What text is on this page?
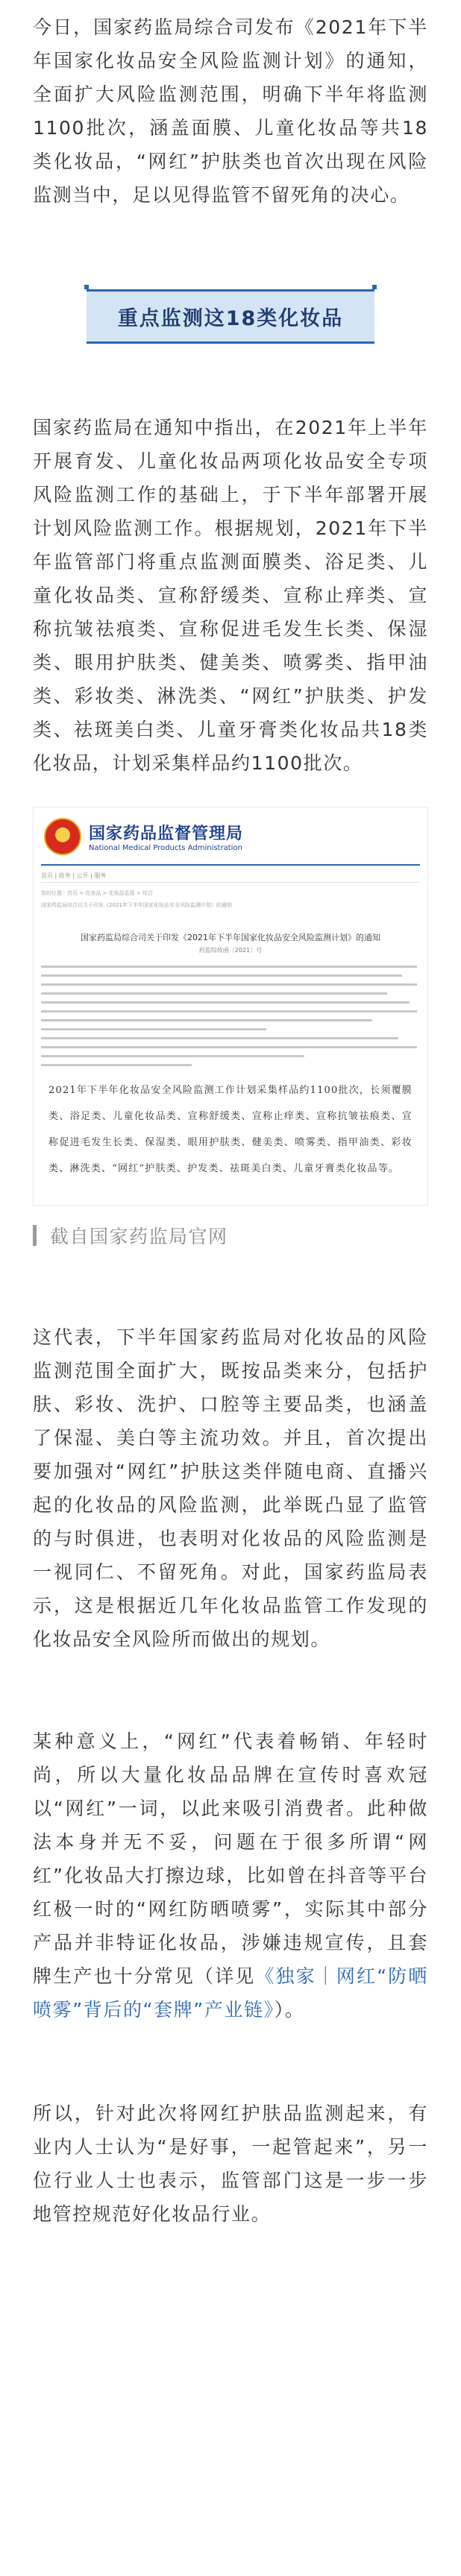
今日，国家药监局综合司发布《2021年下半年国家化妆品安全风险监测计划》的通知，全面扩大风险监测范围，明确下半年将监测1100批次，涵盖面膜、儿童化妆品等共18类化妆品，“网红”护肤类也首次出现在风险监测当中，足以见得监管不留死角的决心。

重点监测这18类化妆品

国家药监局在通知中指出，在2021年上半年开展育发、儿童化妆品两项化妆品安全专项风险监测工作的基础上，于下半年部署开展计划风险监测工作。根据规划，2021年下半年监管部门将重点监测面膜类、浴足类、儿童化妆品类、宣称舒缓类、宣称止痒类、宣称抗皱祛痕类、宣称促进毛发生长类、保湿类、眼用护肤类、健美类、喷雾类、指甲油类、彩妆类、淋洗类、“网红”护肤类、护发类、祛斑美白类、儿童牙膏类化妆品共18类化妆品，计划采集样品约1100批次。

国家药品监督管理局
National Medical Products Administration
首页 | 政务 | 公开 | 服务
您的位置：首页 > 化妆品 > 化妆品监管 > 综合
国家药监局综合司关于印发《2021年下半年国家化妆品安全风险监测计划》的通知
国家药监局综合司关于印发《2021年下半年国家化妆品安全风险监测计划》的通知
药监综妆函〔2021〕号
2021年下半年化妆品安全风险监测工作计划采集样品约1100批次，长须覆膜类、浴足类、儿童化妆品类、宣称舒缓类、宣称止痒类、宣称抗皱祛痕类、宣称促进毛发生长类、保湿类、眼用护肤类、健美类、喷雾类、指甲油类、彩妆类、淋洗类、“网红”护肤类、护发类、祛斑美白类、儿童牙膏类化妆品等。
截自国家药监局官网

这代表，下半年国家药监局对化妆品的风险监测范围全面扩大，既按品类来分，包括护肤、彩妆、洗护、口腔等主要品类，也涵盖了保湿、美白等主流功效。并且，首次提出要加强对“网红”护肤这类伴随电商、直播兴起的化妆品的风险监测，此举既凸显了监管的与时俱进，也表明对化妆品的风险监测是一视同仁、不留死角。对此，国家药监局表示，这是根据近几年化妆品监管工作发现的化妆品安全风险所而做出的规划。

某种意义上，“网红”代表着畅销、年轻时尚，所以大量化妆品品牌在宣传时喜欢冠以“网红”一词，以此来吸引消费者。此种做法本身并无不妥，问题在于很多所谓“网红”化妆品大打擦边球，比如曾在抖音等平台红极一时的“网红防晒喷雾”，实际其中部分产品并非特证化妆品，涉嫌违规宣传，且套牌生产也十分常见（详见《独家｜网红“防晒喷雾”背后的“套牌”产业链》）。

所以，针对此次将网红护肤品监测起来，有业内人士认为“是好事，一起管起来”，另一位行业人士也表示，监管部门这是一步一步地管控规范好化妆品行业。
